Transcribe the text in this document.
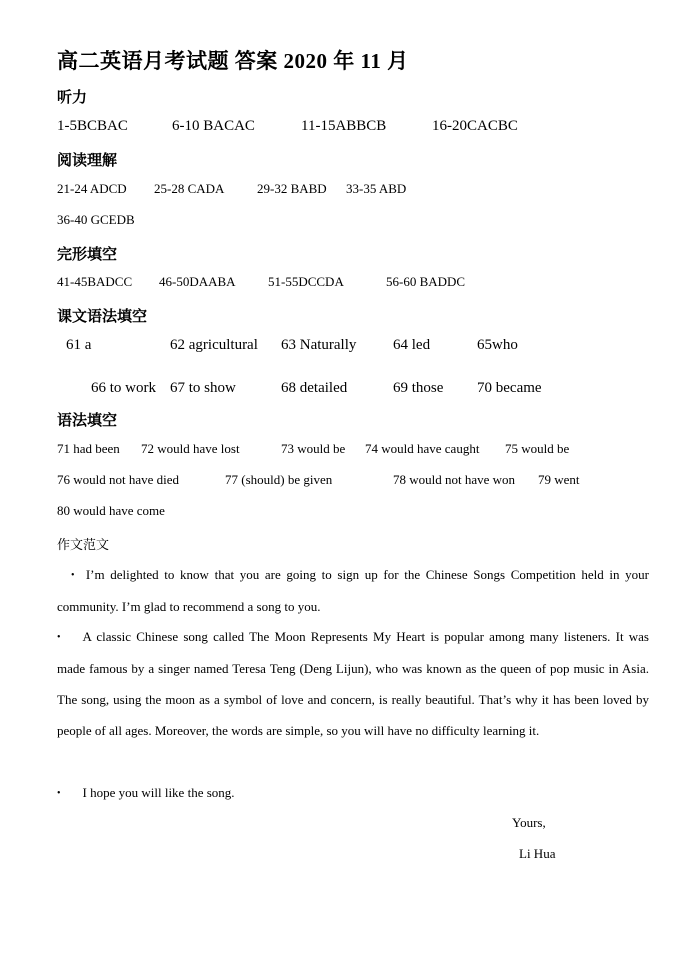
高二英语月考试题 答案 2020 年 11 月
听力
1-5BCBAC	6-10 BACAC	11-15ABBCB	16-20CACBC
阅读理解
21-24 ADCD 25-28 CADA	29-32 BABD 33-35 ABD
36-40 GCEDB
完形填空
41-45BADCC 46-50DAABA 51-55DCCDA	56-60 BADDC
课文语法填空
61 a	62 agricultural 63 Naturally 64 led	65who
66 to work 67 to show	68 detailed	69 those 70 became
语法填空
71 had been 72 would have lost	73 would be 74 would have caught 75 would be
76 would not have died	77 (should) be given	78 would not have won 79 went
80 would have come
作文范文
• I’m delighted to know that you are going to sign up for the Chinese Songs Competition held in your community. I’m glad to recommend a song to you.
• A classic Chinese song called The Moon Represents My Heart is popular among many listeners. It was made famous by a singer named Teresa Teng (Deng Lijun), who was known as the queen of pop music in Asia. The song, using the moon as a symbol of love and concern, is really beautiful. That’s why it has been loved by people of all ages. Moreover, the words are simple, so you will have no difficulty learning it.
• I hope you will like the song.
Yours,
Li Hua
